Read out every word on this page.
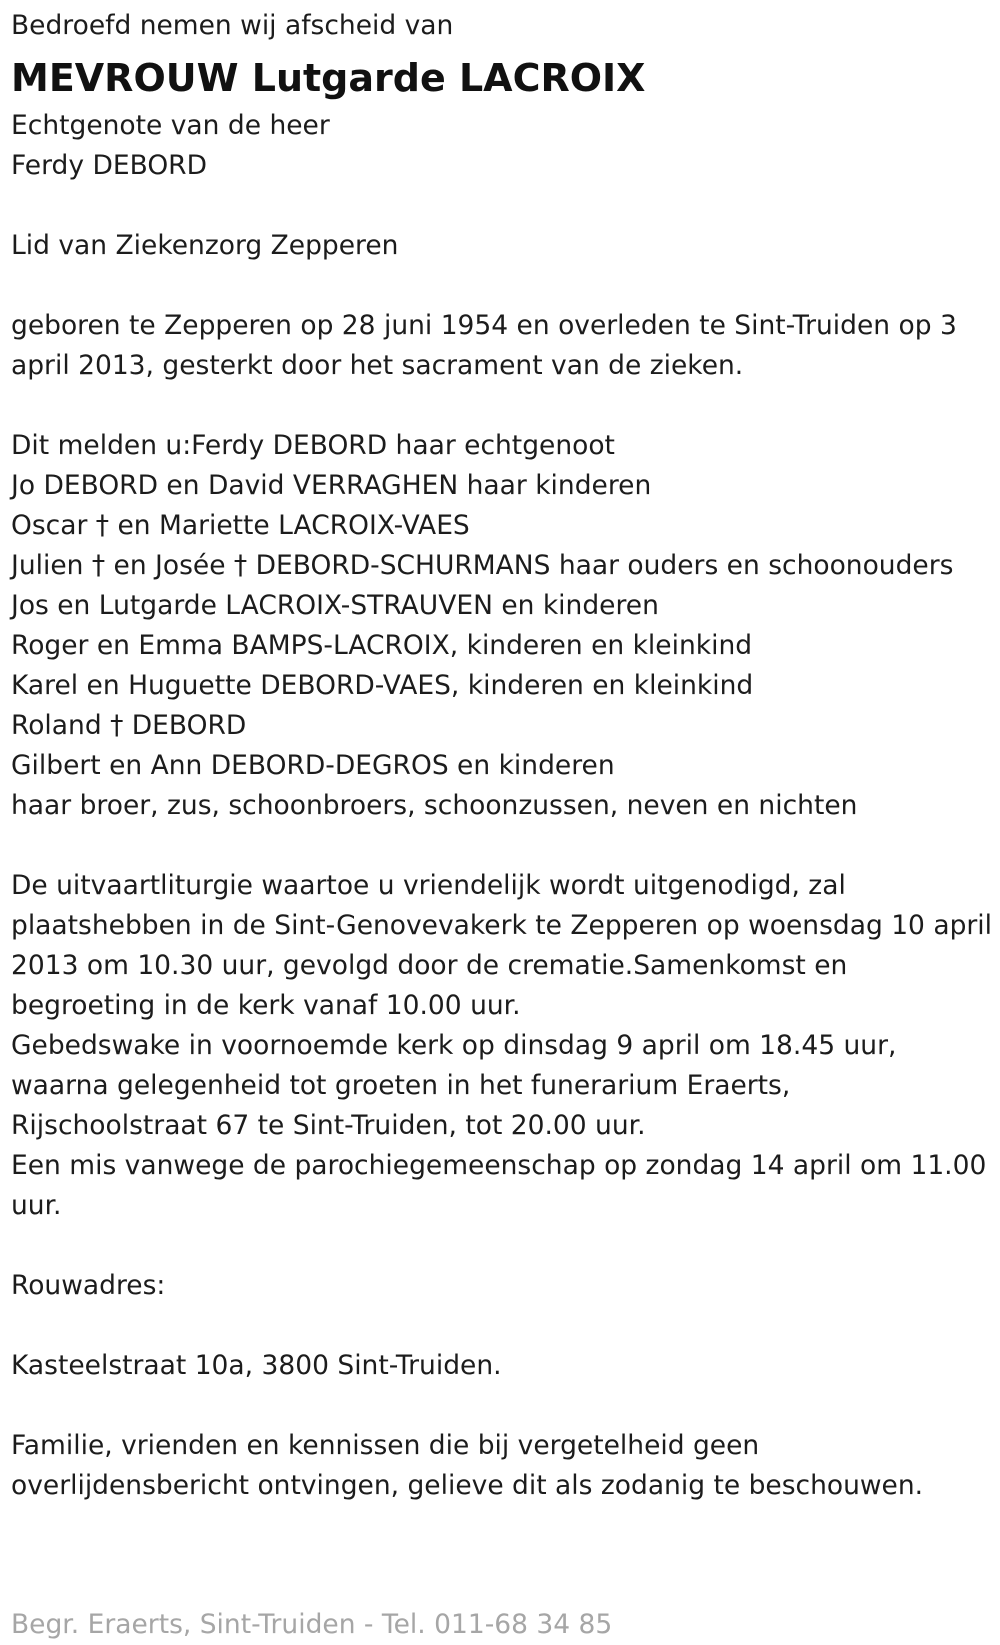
Bedroefd nemen wij afscheid van

MEVROUW Lutgarde LACROIX

Echtgenote van de heer

Ferdy DEBORD

Lid van Ziekenzorg Zepperen

geboren te Zepperen op 28 juni 1954 en overleden te Sint-Truiden op 3

april 2013, gesterkt door het sacrament van de zieken.

Dit melden u:Ferdy DEBORD haar echtgenoot

Jo DEBORD en David VERRAGHEN haar kinderen

Oscar † en Mariette LACROIX-VAES

Julien † en Josée † DEBORD-SCHURMANS haar ouders en schoonouders

Jos en Lutgarde LACROIX-STRAUVEN en kinderen

Roger en Emma BAMPS-LACROIX, kinderen en kleinkind

Karel en Huguette DEBORD-VAES, kinderen en kleinkind

Roland † DEBORD

Gilbert en Ann DEBORD-DEGROS en kinderen

haar broer, zus, schoonbroers, schoonzussen, neven en nichten

De uitvaartliturgie waartoe u vriendelijk wordt uitgenodigd, zal

plaatshebben in de Sint-Genovevakerk te Zepperen op woensdag 10 april

2013 om 10.30 uur, gevolgd door de crematie.Samenkomst en

begroeting in de kerk vanaf 10.00 uur.

Gebedswake in voornoemde kerk op dinsdag 9 april om 18.45 uur,

waarna gelegenheid tot groeten in het funerarium Eraerts,

Rijschoolstraat 67 te Sint-Truiden, tot 20.00 uur.

Een mis vanwege de parochiegemeenschap op zondag 14 april om 11.00

uur.

Rouwadres:

Kasteelstraat 10a, 3800 Sint-Truiden.

Familie, vrienden en kennissen die bij vergetelheid geen

overlijdensbericht ontvingen, gelieve dit als zodanig te beschouwen.

Begr. Eraerts, Sint-Truiden - Tel. 011-68 34 85
